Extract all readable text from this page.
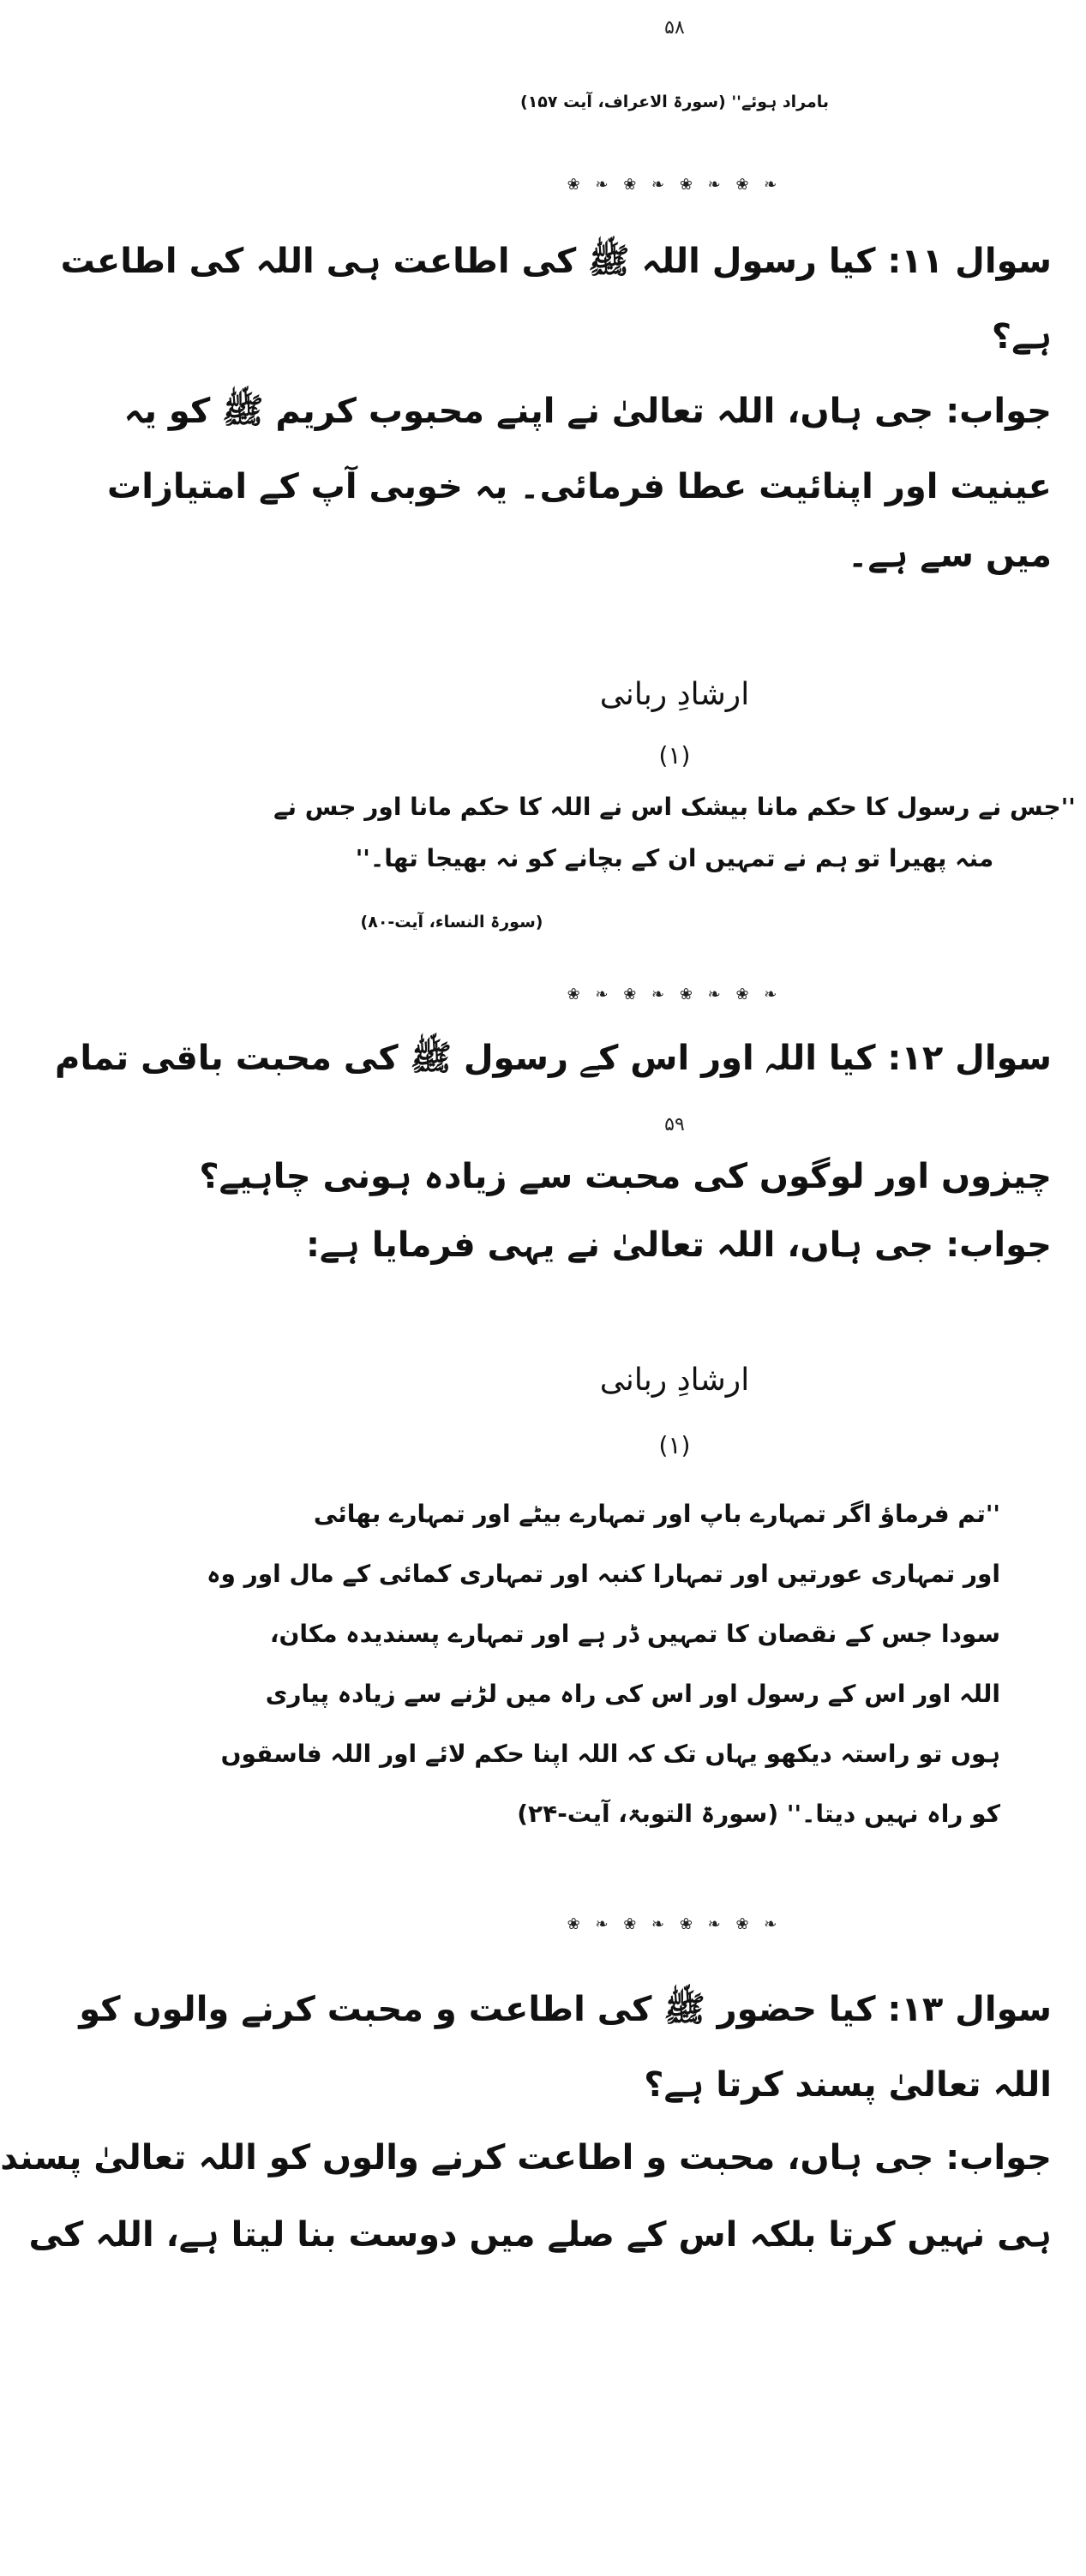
۵۸
بامراد ہوئے'' (سورۃ الاعراف، آیت ۱۵۷)
❀ ❧ ❀ ❧ ❀ ❧ ❀ ❧
سوال ۱۱: کیا رسول اللہ ﷺ کی اطاعت ہی اللہ کی اطاعت
ہے؟
جواب: جی ہاں، اللہ تعالیٰ نے اپنے محبوب کریم ﷺ کو یہ
عینیت اور اپنائیت عطا فرمائی۔ یہ خوبی آپ کے امتیازات
میں سے ہے۔
ارشادِ ربانی
(۱)
''جس نے رسول کا حکم مانا بیشک اس نے اللہ کا حکم مانا اور جس نے
منہ پھیرا تو ہم نے تمہیں ان کے بچانے کو نہ بھیجا تھا۔''
(سورۃ النساء، آیت-۸۰)
❀ ❧ ❀ ❧ ❀ ❧ ❀ ❧
سوال ۱۲: کیا اللہ اور اس کے رسول ﷺ کی محبت باقی تمام
۵۹
چیزوں اور لوگوں کی محبت سے زیادہ ہونی چاہیے؟
جواب: جی ہاں، اللہ تعالیٰ نے یہی فرمایا ہے:
ارشادِ ربانی
(۱)
''تم فرماؤ اگر تمہارے باپ اور تمہارے بیٹے اور تمہارے بھائی
اور تمہاری عورتیں اور تمہارا کنبہ اور تمہاری کمائی کے مال اور وہ
سودا جس کے نقصان کا تمہیں ڈر ہے اور تمہارے پسندیدہ مکان،
اللہ اور اس کے رسول اور اس کی راہ میں لڑنے سے زیادہ پیاری
ہوں تو راستہ دیکھو یہاں تک کہ اللہ اپنا حکم لائے اور اللہ فاسقوں
کو راہ نہیں دیتا۔'' (سورۃ التوبۃ، آیت-۲۴)
❀ ❧ ❀ ❧ ❀ ❧ ❀ ❧
سوال ۱۳: کیا حضور ﷺ کی اطاعت و محبت کرنے والوں کو
اللہ تعالیٰ پسند کرتا ہے؟
جواب: جی ہاں، محبت و اطاعت کرنے والوں کو اللہ تعالیٰ پسند
ہی نہیں کرتا بلکہ اس کے صلے میں دوست بنا لیتا ہے، اللہ کی
